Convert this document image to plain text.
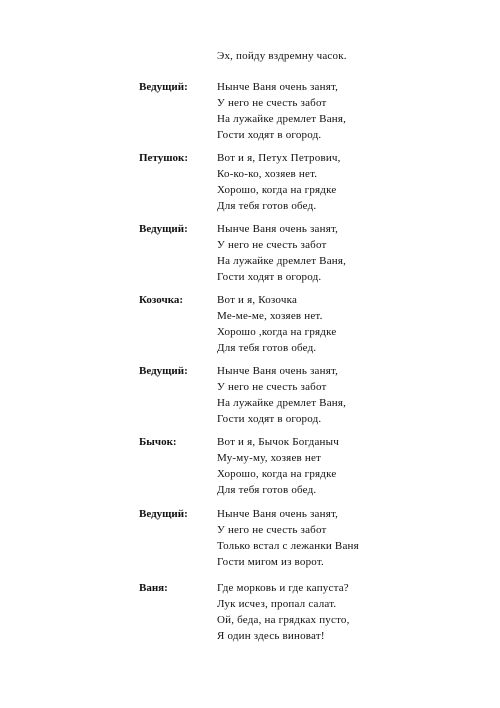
Эх, пойду вздремну часок.
Ведущий:	Нынче Ваня очень занят,
У него не счесть забот
На лужайке дремлет Ваня,
Гости ходят в огород.
Петушок:	Вот и я, Петух Петрович,
Ко-ко-ко, хозяев нет.
Хорошо, когда на грядке
Для тебя готов обед.
Ведущий:	Нынче Ваня очень занят,
У него не счесть забот
На лужайке дремлет Ваня,
Гости ходят в огород.
Козочка:	Вот и я, Козочка
Ме-ме-ме, хозяев нет.
Хорошо ,когда на грядке
Для тебя готов обед.
Ведущий:	Нынче Ваня очень занят,
У него не счесть забот
На лужайке дремлет Ваня,
Гости ходят в огород.
Бычок:	Вот и я, Бычок Богданыч
Му-му-му, хозяев нет
Хорошо, когда на грядке
Для тебя готов обед.
Ведущий:	Нынче Ваня очень занят,
У него не счесть забот
Только встал с лежанки Ваня
Гости мигом из ворот.
Ваня:	Где морковь и где капуста?
Лук исчез, пропал салат.
Ой, беда, на грядках пусто,
Я один здесь виноват!
